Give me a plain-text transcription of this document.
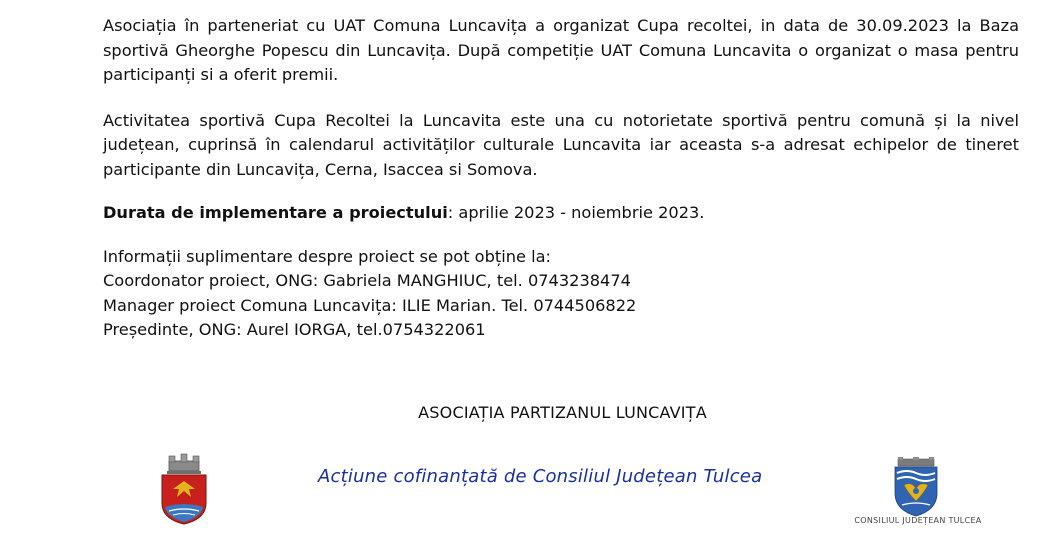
Asociația în parteneriat cu UAT Comuna Luncavița a organizat Cupa recoltei, in data de 30.09.2023 la Baza sportivă Gheorghe Popescu din Luncavița. După competiție UAT Comuna Luncavita o organizat o masa pentru participanți si a oferit premii.

Activitatea sportivă Cupa Recoltei la Luncavita este una cu notorietate sportivă pentru comună și la nivel județean, cuprinsă în calendarul activităților culturale Luncavita iar aceasta s-a adresat echipelor de tineret participante din Luncavița, Cerna, Isaccea si Somova.

Durata de implementare a proiectului: aprilie 2023 - noiembrie 2023.

Informații suplimentare despre proiect se pot obține la:
Coordonator proiect, ONG: Gabriela MANGHIUC, tel. 0743238474
Manager proiect Comuna Luncavița: ILIE Marian. Tel. 0744506822
Președinte, ONG: Aurel IORGA, tel.0754322061
ASOCIAȚIA PARTIZANUL LUNCAVIȚA
Acțiune cofinanțată de Consiliul Județean Tulcea
CONSILIUL JUDEȚEAN TULCEA
